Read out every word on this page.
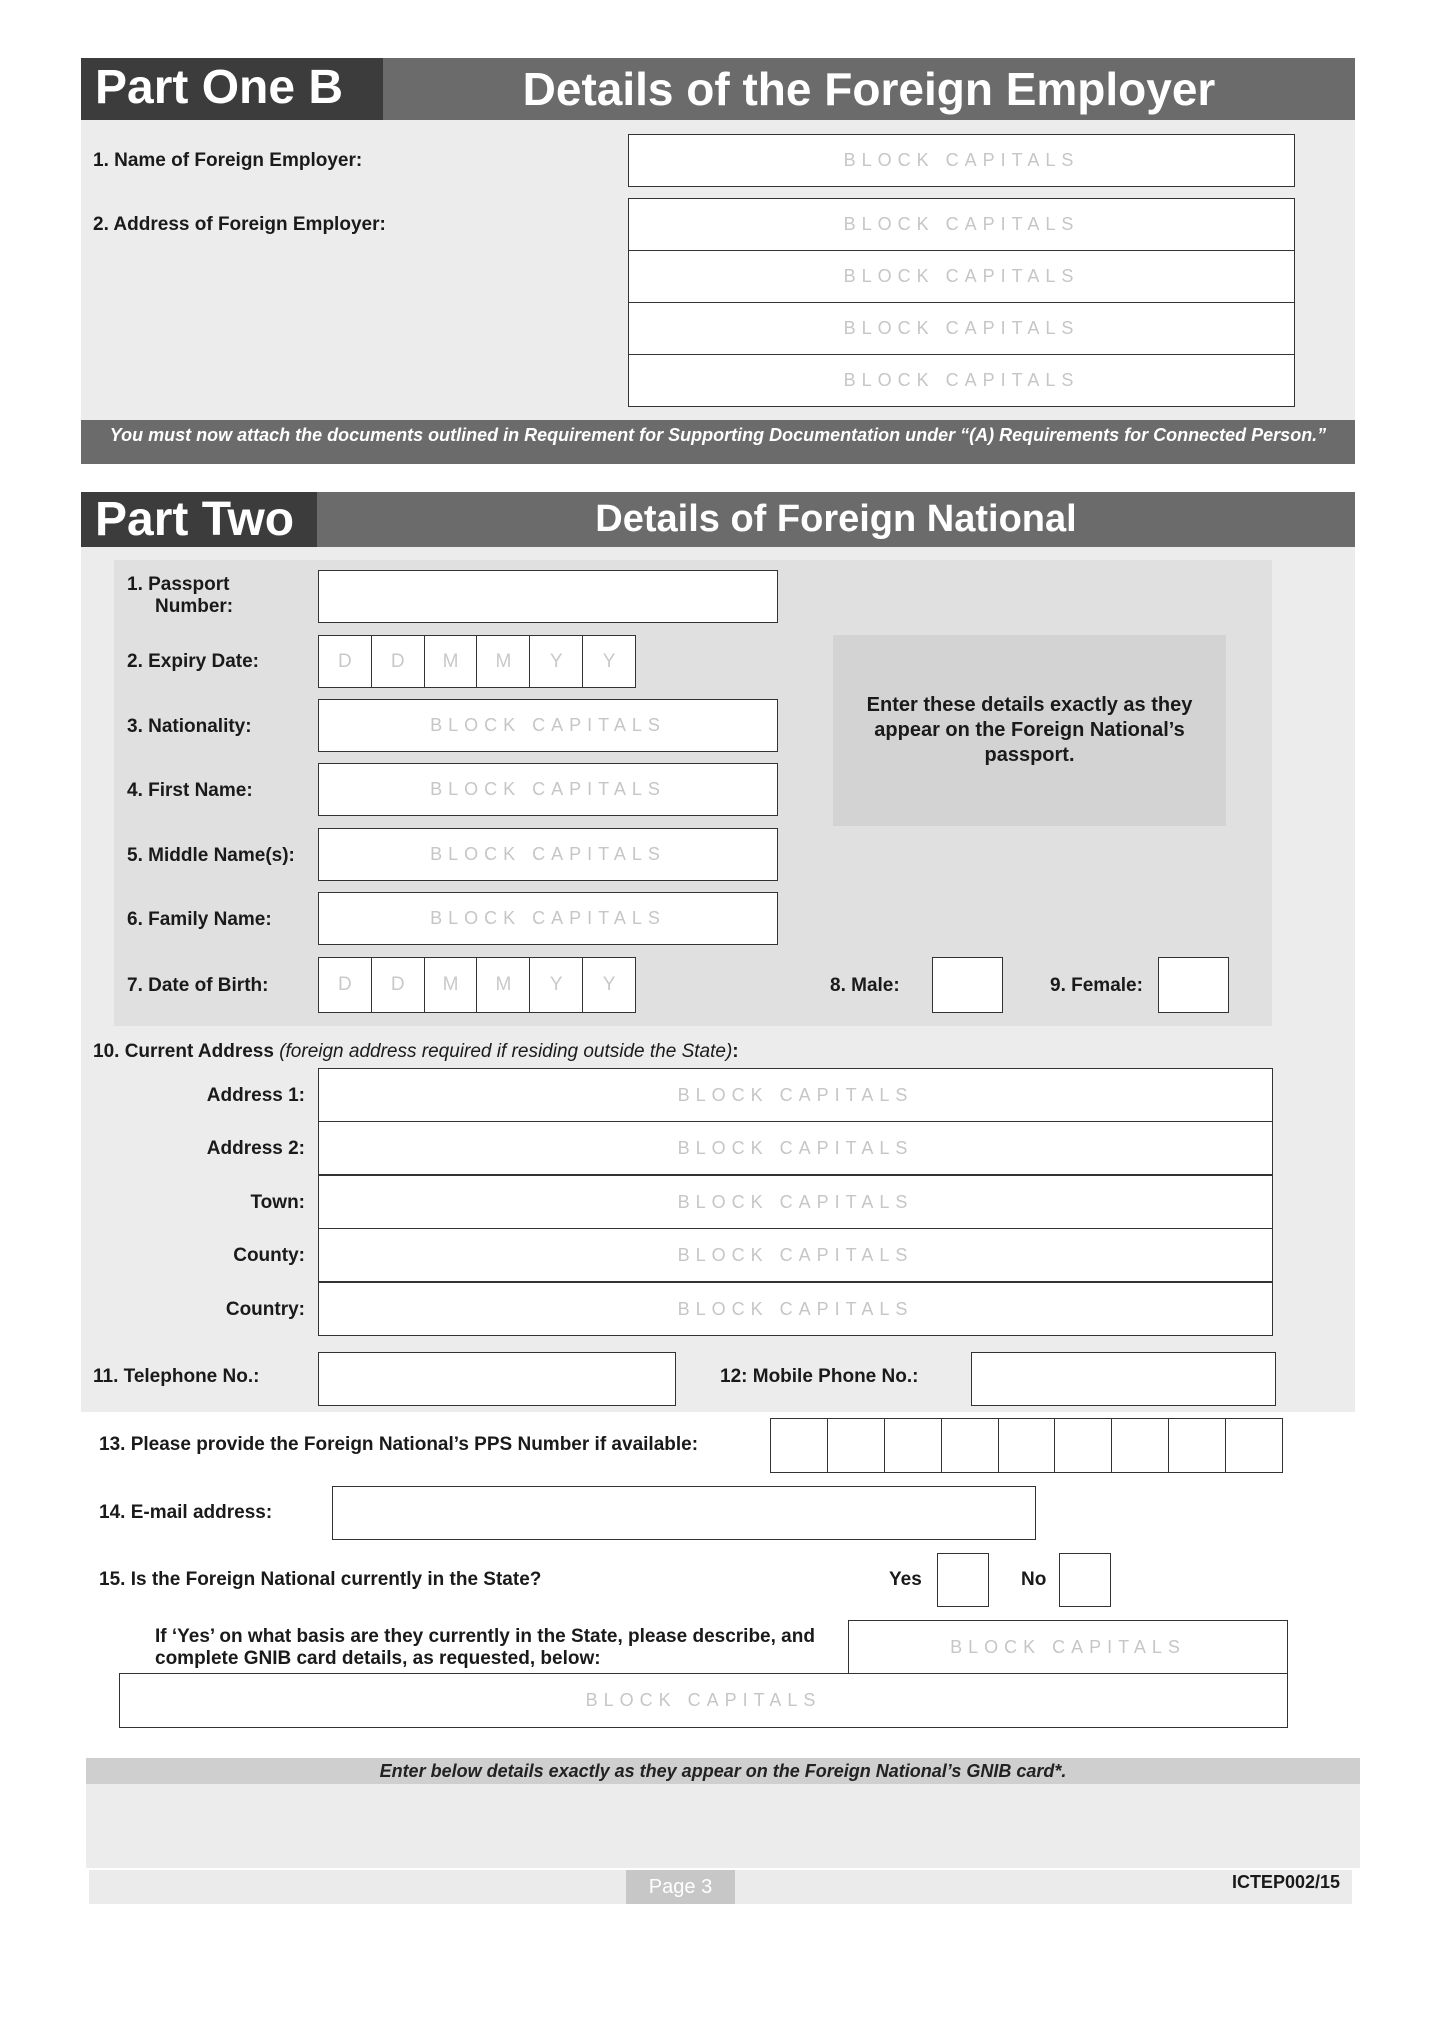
Part One B	Details of the Foreign Employer
1. Name of Foreign Employer:	BLOCK CAPITALS
2. Address of Foreign Employer:	BLOCK CAPITALS
BLOCK CAPITALS
BLOCK CAPITALS
BLOCK CAPITALS
You must now attach the documents outlined in Requirement for Supporting Documentation under “(A) Requirements for Connected Person.”
Part Two	Details of Foreign National
Enter these details exactly as they appear on the Foreign National’s passport.
1. Passport
Number:
2. Expiry Date:	D	D	M	M	Y	Y
3. Nationality:	BLOCK CAPITALS
4. First Name:	BLOCK CAPITALS
5. Middle Name(s):	BLOCK CAPITALS
6. Family Name:	BLOCK CAPITALS
7. Date of Birth:	D	D	M	M	Y	Y	8. Male:	9. Female:
10. Current Address (foreign address required if residing outside the State):
Address 1:	BLOCK CAPITALS
Address 2:	BLOCK CAPITALS
Town:	BLOCK CAPITALS
County:	BLOCK CAPITALS
Country:	BLOCK CAPITALS
11. Telephone No.:	12: Mobile Phone No.:
13. Please provide the Foreign National’s PPS Number if available:
14. E-mail address:
15. Is the Foreign National currently in the State?	Yes	No
If ‘Yes’ on what basis are they currently in the State, please describe, and
complete GNIB card details, as requested, below:
BLOCK CAPITALS
BLOCK CAPITALS
Enter below details exactly as they appear on the Foreign National’s GNIB card*.
Page 3	ICTEP002/15
